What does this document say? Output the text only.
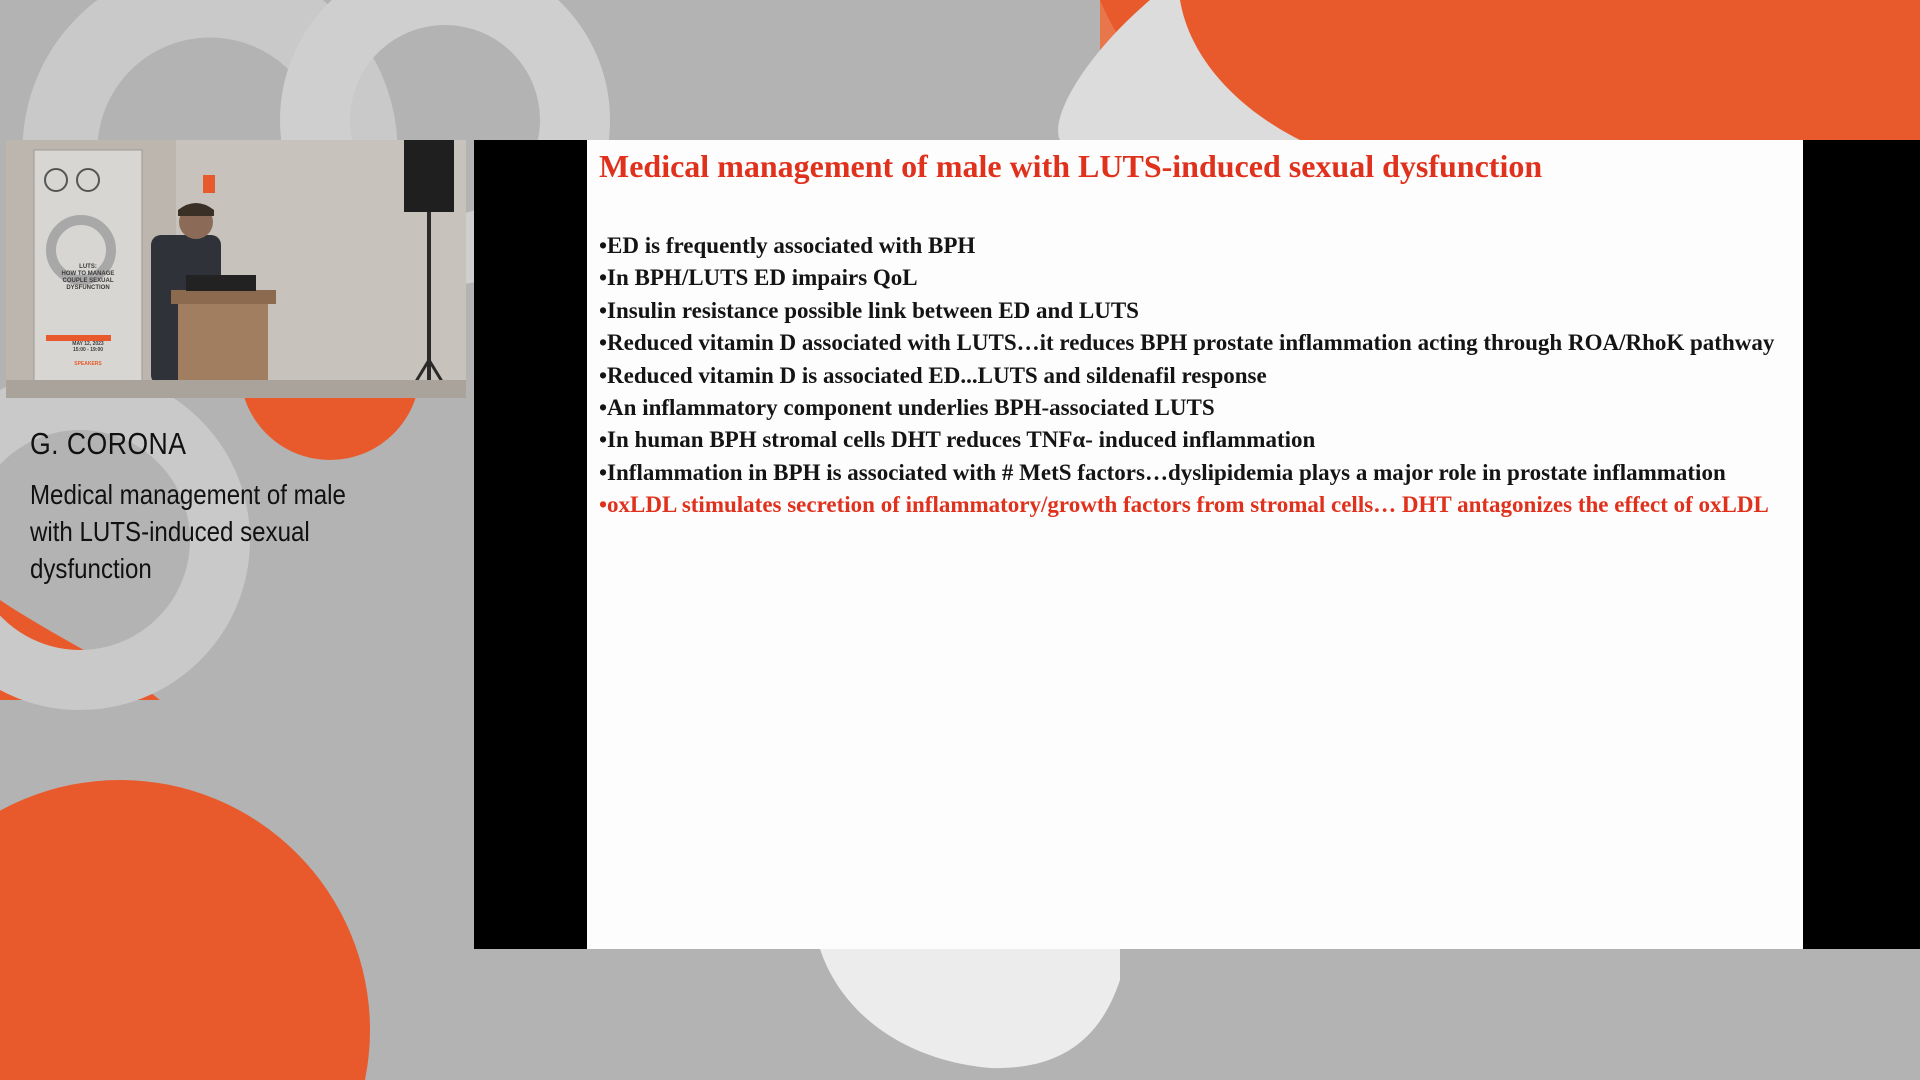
LUTS:
HOW TO MANAGE
COUPLE SEXUAL
DYSFUNCTION
MAY 12, 2023
15:00 - 19:00
SPEAKERS
G. CORONA
Medical management of male with LUTS-induced sexual dysfunction
Medical management of male with LUTS-induced sexual dysfunction
•ED is frequently associated with BPH
•In BPH/LUTS ED impairs QoL
•Insulin resistance possible link between ED and LUTS
•Reduced vitamin D associated with LUTS…it reduces BPH prostate inflammation acting through ROA/RhoK pathway
•Reduced vitamin D is associated ED...LUTS and sildenafil response
•An inflammatory component underlies BPH-associated LUTS
•In human BPH stromal cells DHT reduces TNFα- induced inflammation
•Inflammation in BPH is associated with # MetS factors…dyslipidemia plays a major role in prostate inflammation
•oxLDL stimulates secretion of inflammatory/growth factors from stromal cells… DHT antagonizes the effect of oxLDL
